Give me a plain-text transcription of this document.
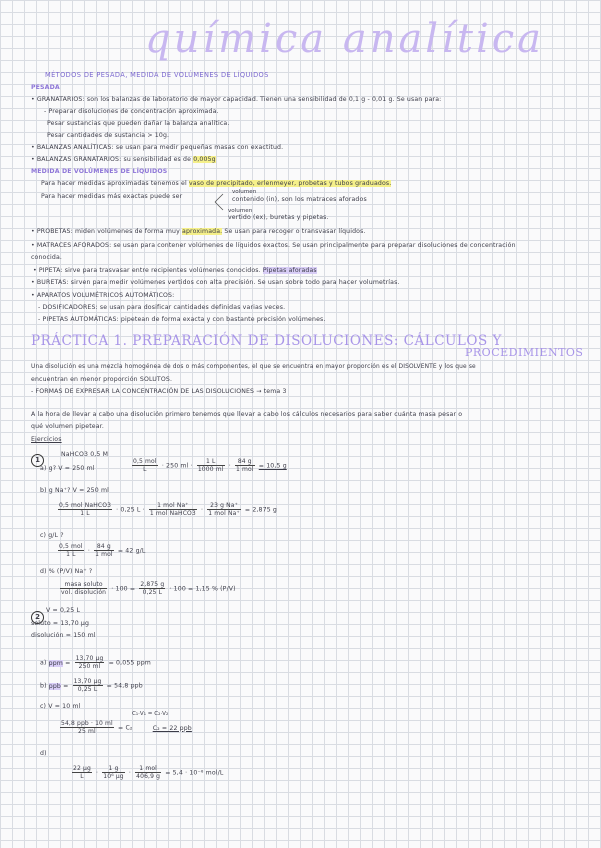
química analítica
MÉTODOS DE PESADA, MEDIDA DE VOLÚMENES DE LÍQUIDOS
PESADA
• GRANATARIOS: son los balanzas de laboratorio de mayor capacidad. Tienen una sensibilidad de 0,1 g - 0,01 g. Se usan para:
- Preparar disoluciones de concentración aproximada.
Pesar sustancias que pueden dañar la balanza analítica.
Pesar cantidades de sustancia > 10g.
• BALANZAS ANALÍTICAS: se usan para medir pequeñas masas con exactitud.
• BALANZAS GRANATARIOS: su sensibilidad es de 0,005g
MEDIDA DE VOLÚMENES DE LÍQUIDOS
Para hacer medidas aproximadas tenemos el vaso de precipitado, erlenmeyer, probetas y tubos graduados.
Para hacer medidas más exactas puede ser
volumen
contenido (in), son los matraces aforados
volumen
vertido (ex), buretas y pipetas.
• PROBETAS: miden volúmenes de forma muy aproximada. Se usan para recoger o transvasar líquidos.
• MATRACES AFORADOS: se usan para contener volúmenes de líquidos exactos. Se usan principalmente para preparar disoluciones de concentración
conocida.
• PIPETA: sirve para trasvasar entre recipientes volúmenes conocidos. Pipetas aforadas
• BURETAS: sirven para medir volúmenes vertidos con alta precisión. Se usan sobre todo para hacer volumetrías.
• APARATOS VOLUMÉTRICOS AUTOMÁTICOS:
- DOSIFICADORES: se usan para dosificar cantidades definidas varias veces.
- PIPETAS AUTOMÁTICAS: pipetean de forma exacta y con bastante precisión volúmenes.
PRÁCTICA 1. PREPARACIÓN DE DISOLUCIONES: CÁLCULOS Y
PROCEDIMIENTOS
Una disolución es una mezcla homogénea de dos o más componentes, el que se encuentra en mayor proporción es el DISOLVENTE y los que se
encuentran en menor proporción SOLUTOS.
- FORMAS DE EXPRESAR LA CONCENTRACIÓN DE LAS DISOLUCIONES → tema 3
A la hora de llevar a cabo una disolución primero tenemos que llevar a cabo los cálculos necesarios para saber cuánta masa pesar o
qué volumen pipetear.
Ejercicios
1
NaHCO3 0,5 M
a) g? V = 250 ml	$\frac{\text{0,5 mol}}{L} \cdot 250$ ml · $\frac{1 L}{1000 ml} \cdot \frac{84 g}{\text{1 mol}} = 10,5$ g
b) g Na⁺? V = 250 ml
$\frac{\text{0,5 mol NaHCO3}}{1 L} \cdot 0,25$ $L \cdot \frac{\text{1 mol Na⁺}}{\text{1 mol NaHCO3}} \cdot \frac{\text{23 g Na⁺}}{\text{1 mol Na⁺}} = 2,875$ g
c) g/L ?
$\frac{\text{0,5 mol}}{1 L} \cdot \frac{84 g}{\text{1 mol}} = 42$ g/L
d) % (P/V) Na⁺ ?
$\frac{\text{masa soluto}}{\text{vol. disolución}} \cdot 100 = \frac{2,875 g}{0,25 L} \cdot 100 = 1,15$ % (P/V)
2
V = 0,25 L
soluto = 13,70 μg
disolución = 150 ml
a) ppm = $\frac{13,70 \mu g}{250 ml} = 0,055$ ppm
b) ppb = $\frac{13,70 \mu g}{0,25 L} = 54,8$ ppb
c) V = 10 ml
C₁·V₁ = C₂·V₂
$\frac{\text{54,8 ppb · 10 ml}}{25 ml} = C_2$	C₂ = 22 ppb
d)
$\frac{22 \mu g}{L} \cdot \frac{1 g}{\text{10⁶ μg}} \cdot \frac{\text{1 mol}}{406,9 g} = 5,4 \cdot 10^{-8}$ mol/L
